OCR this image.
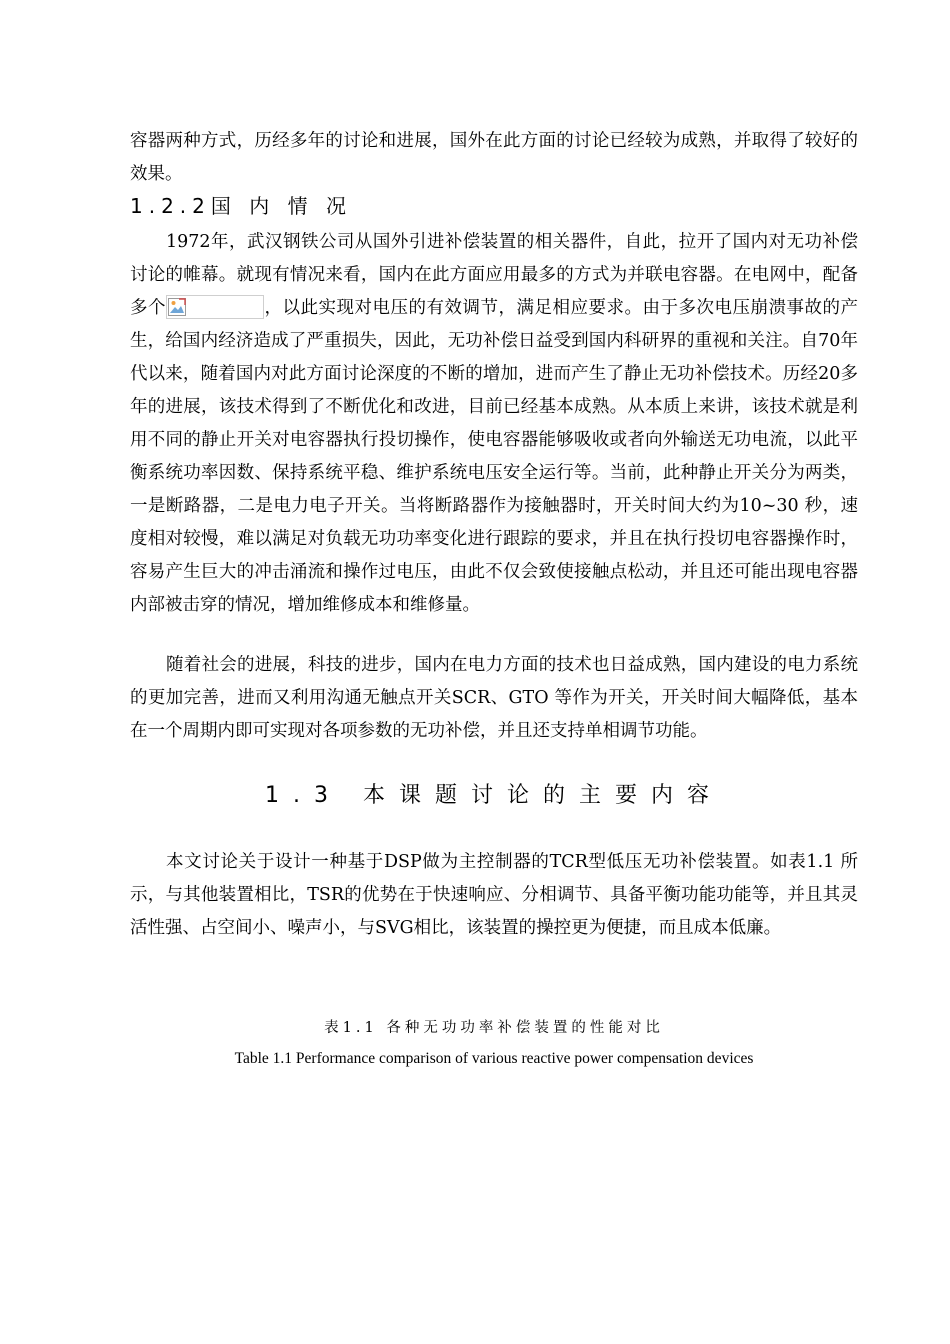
容器两种方式，历经多年的讨论和进展，国外在此方面的讨论已经较为成熟，并取得了较好的效果。

1.2.2国 内 情 况

1972年，武汉钢铁公司从国外引进补偿装置的相关器件，自此，拉开了国内对无功补偿讨论的帷幕。就现有情况来看，国内在此方面应用最多的方式为并联电容器。在电网中，配备多个	，以此实现对电压的有效调节，满足相应要求。由于多次电压崩溃事故的产生，给国内经济造成了严重损失，因此，无功补偿日益受到国内科研界的重视和关注。自70年代以来，随着国内对此方面讨论深度的不断的增加，进而产生了静止无功补偿技术。历经20多年的进展，该技术得到了不断优化和改进，目前已经基本成熟。从本质上来讲，该技术就是利用不同的静止开关对电容器执行投切操作，使电容器能够吸收或者向外输送无功电流，以此平衡系统功率因数、保持系统平稳、维护系统电压安全运行等。当前，此种静止开关分为两类，一是断路器，二是电力电子开关。当将断路器作为接触器时，开关时间大约为10~30 秒，速度相对较慢，难以满足对负载无功功率变化进行跟踪的要求，并且在执行投切电容器操作时，容易产生巨大的冲击涌流和操作过电压，由此不仅会致使接触点松动，并且还可能出现电容器内部被击穿的情况，增加维修成本和维修量。

随着社会的进展，科技的进步，国内在电力方面的技术也日益成熟，国内建设的电力系统的更加完善，进而又利用沟通无触点开关SCR、GTO 等作为开关，开关时间大幅降低，基本在一个周期内即可实现对各项参数的无功补偿，并且还支持单相调节功能。

1.3 本课题讨论的主要内容

本文讨论关于设计一种基于DSP做为主控制器的TCR型低压无功补偿装置。如表1.1 所示，与其他装置相比，TSR的优势在于快速响应、分相调节、具备平衡功能功能等，并且其灵活性强、占空间小、噪声小，与SVG相比，该装置的操控更为便捷，而且成本低廉。

表1.1 各种无功功率补偿装置的性能对比

Table 1.1 Performance comparison of various reactive power compensation devices
